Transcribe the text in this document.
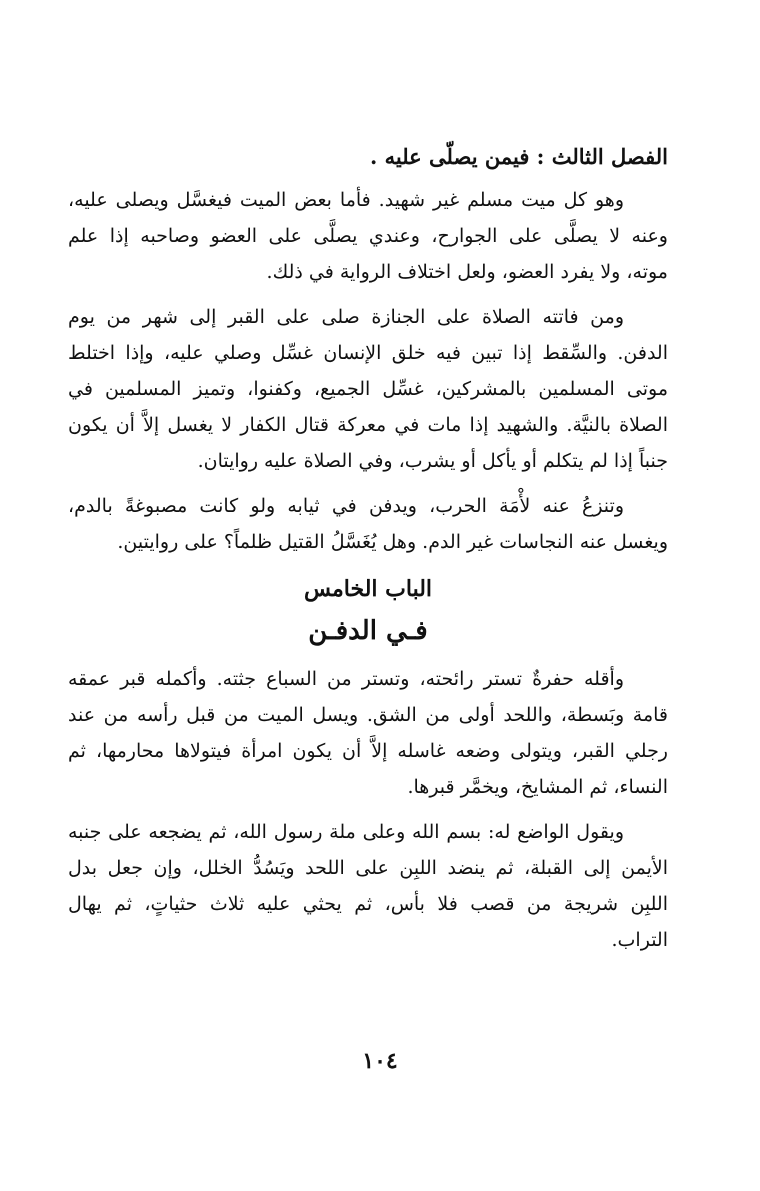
الفصل الثالث : فيمن يصلّى عليه .
وهو كل ميت مسلم غير شهيد. فأما بعض الميت فيغسَّل ويصلى عليه،
وعنه لا يصلَّى على الجوارح، وعندي يصلَّى على العضو وصاحبه إذا علم
موته، ولا يفرد العضو، ولعل اختلاف الرواية في ذلك.
ومن فاتته الصلاة على الجنازة صلى على القبر إلى شهر من يوم
الدفن. والسِّقط إذا تبين فيه خلق الإنسان غسِّل وصلي عليه، وإذا اختلط
موتى المسلمين بالمشركين، غسِّل الجميع، وكفنوا، وتميز المسلمين في
الصلاة بالنيَّة. والشهيد إذا مات في معركة قتال الكفار لا يغسل إلاَّ أن يكون
جنباً إذا لم يتكلم أو يأكل أو يشرب، وفي الصلاة عليه روايتان.
وتنزعُ عنه لأْمَة الحرب، ويدفن في ثيابه ولو كانت مصبوغةً بالدم،
ويغسل عنه النجاسات غير الدم. وهل يُغَسَّلُ القتيل ظلماً؟ على روايتين.
الباب الخامس
فـي الدفـن
وأقله حفرةٌ تستر رائحته، وتستر من السباع جثته. وأكمله قبر عمقه
قامة وبَسطة، واللحد أولى من الشق. ويسل الميت من قبل رأسه من عند
رجلي القبر، ويتولى وضعه غاسله إلاَّ أن يكون امرأة فيتولاها محارمها، ثم
النساء، ثم المشايخ، ويخمَّر قبرها.
ويقول الواضع له: بسم الله وعلى ملة رسول الله، ثم يضجعه على جنبه
الأيمن إلى القبلة، ثم ينضد اللبِن على اللحد ويَسُدُّ الخلل، وإن جعل بدل
اللبِن شريجة من قصب فلا بأس، ثم يحثي عليه ثلاث حثياتٍ، ثم يهال
التراب.
١٠٤
